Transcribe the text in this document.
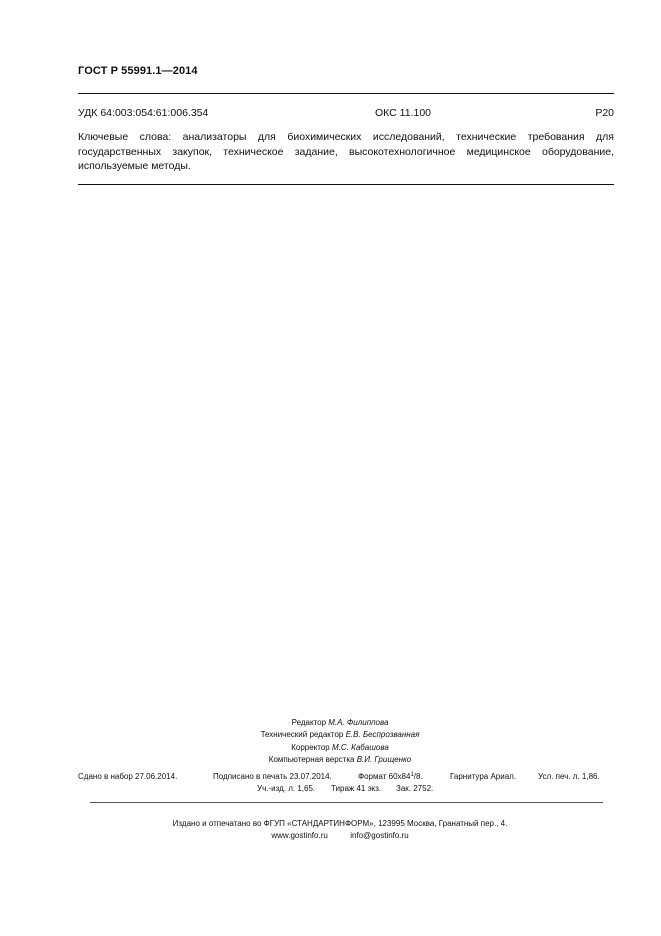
ГОСТ Р 55991.1—2014
УДК 64:003:054:61:006.354	ОКС 11.100	Р20
Ключевые слова: анализаторы для биохимических исследований, технические требования для государственных закупок, техническое задание, высокотехнологичное медицинское оборудование, используемые методы.
Редактор М.А. Филиппова
Технический редактор Е.В. Беспрозванная
Корректор М.С. Кабашова
Компьютерная верстка В.И. Грищенко
Сдано в набор 27.06.2014.	Подписано в печать 23.07.2014.	Формат $60x84^1/8$.	Гарнитура Ариал.	Усл. печ. л. 1,86.
Уч.-изд. л. 1,65. Тираж 41 экз. Зак. 2752.
Издано и отпечатано во ФГУП «СТАНДАРТИНФОРМ», 123995 Москва, Гранатный пер., 4.
www.gostinfo.ru	info@gostinfo.ru
